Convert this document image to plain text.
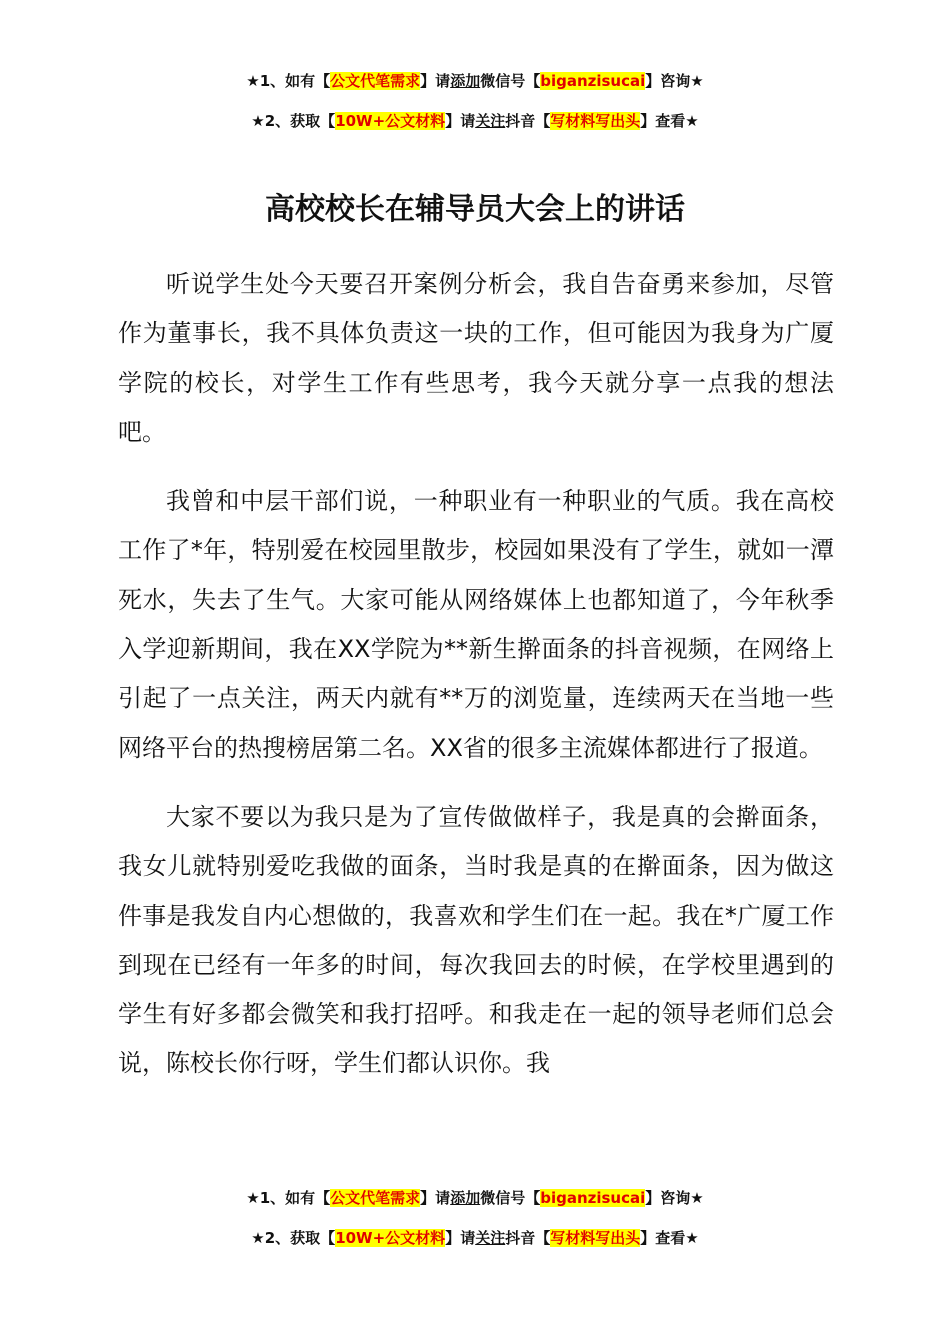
★1、如有【公文代笔需求】请添加微信号【biganzisucai】咨询★
★2、获取【10W+公文材料】请关注抖音【写材料写出头】查看★
高校校长在辅导员大会上的讲话

听说学生处今天要召开案例分析会，我自告奋勇来参加，尽管作为董事长，我不具体负责这一块的工作，但可能因为我身为广厦学院的校长，对学生工作有些思考，我今天就分享一点我的想法吧。

我曾和中层干部们说，一种职业有一种职业的气质。我在高校工作了*年，特别爱在校园里散步，校园如果没有了学生，就如一潭死水，失去了生气。大家可能从网络媒体上也都知道了，今年秋季入学迎新期间，我在XX学院为**新生擀面条的抖音视频，在网络上引起了一点关注，两天内就有**万的浏览量，连续两天在当地一些网络平台的热搜榜居第二名。XX省的很多主流媒体都进行了报道。

大家不要以为我只是为了宣传做做样子，我是真的会擀面条，我女儿就特别爱吃我做的面条，当时我是真的在擀面条，因为做这件事是我发自内心想做的，我喜欢和学生们在一起。我在*广厦工作到现在已经有一年多的时间，每次我回去的时候，在学校里遇到的学生有好多都会微笑和我打招呼。和我走在一起的领导老师们总会说，陈校长你行呀，学生们都认识你。我

★1、如有【公文代笔需求】请添加微信号【biganzisucai】咨询★
★2、获取【10W+公文材料】请关注抖音【写材料写出头】查看★
